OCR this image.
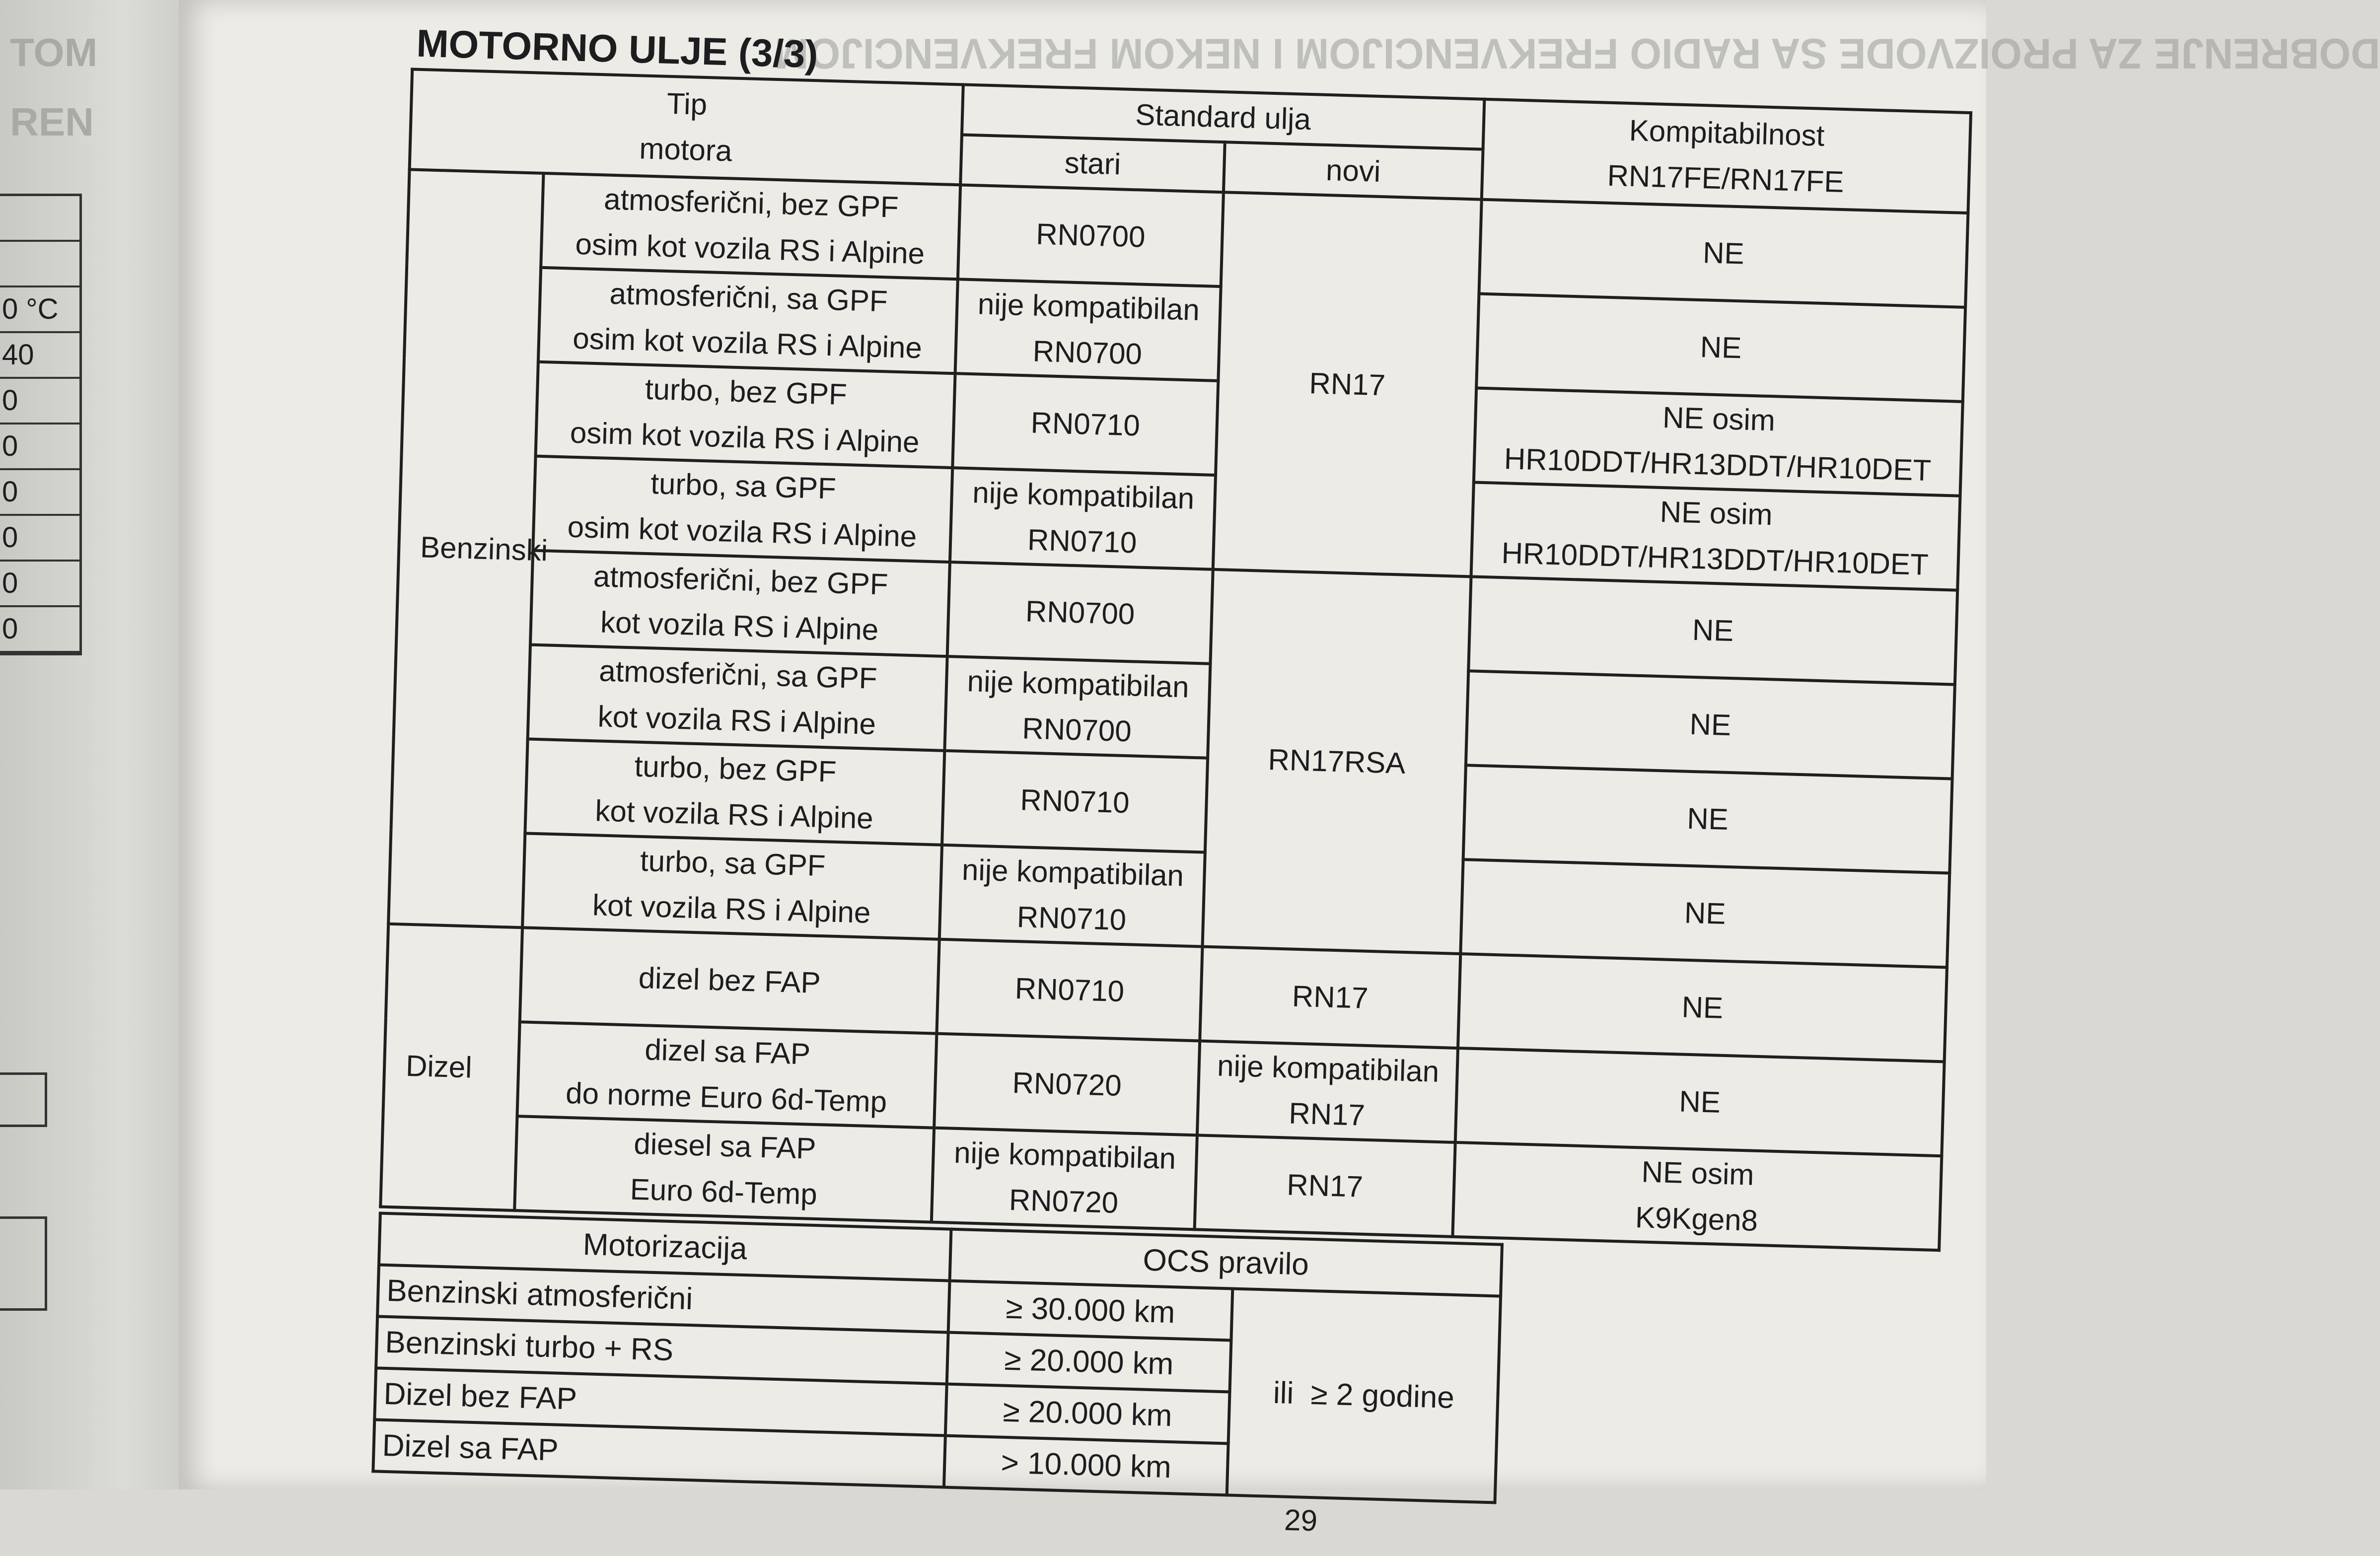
TOM
REN
0 °C
40
0
0
0
0
0
0
DOBRENJE ZA PROIZVODE SA RADIO FREKVENCIJOM I NEKOM FREKVENCIJOM
MOTORNO ULJE (3/3)
Tip
motora		Standard ulja		Kompitabilnost
RN17FE/RN17FE
		stari	novi	
Benzinski	atmosferični, bez GPF
osim kot vozila RS i Alpine	RN0700	RN17	NE
	atmosferični, sa GPF
osim kot vozila RS i Alpine	nije kompatibilan
RN0700		NE
	turbo, bez GPF
osim kot vozila RS i Alpine	RN0710		NE osim
HR10DDT/HR13DDT/HR10DET
	turbo, sa GPF
osim kot vozila RS i Alpine	nije kompatibilan
RN0710		NE osim
HR10DDT/HR13DDT/HR10DET
	atmosferični, bez GPF
kot vozila RS i Alpine	RN0700	RN17RSA	NE
	atmosferični, sa GPF
kot vozila RS i Alpine	nije kompatibilan
RN0700		NE
	turbo, bez GPF
kot vozila RS i Alpine	RN0710		NE
	turbo, sa GPF
kot vozila RS i Alpine	nije kompatibilan
RN0710		NE
Dizel	dizel bez FAP	RN0710	RN17	NE
	dizel sa FAP
do norme Euro 6d-Temp	RN0720	nije kompatibilan
RN17	NE
	diesel sa FAP
Euro 6d-Temp	nije kompatibilan
RN0720	RN17	NE osim
K9Kgen8
Motorizacija	OCS pravilo	
Benzinski atmosferični	≥ 30.000 km	ili  ≥ 2 godine
Benzinski turbo + RS	≥ 20.000 km	
Dizel bez FAP	≥ 20.000 km	
Dizel sa FAP	> 10.000 km	
29
